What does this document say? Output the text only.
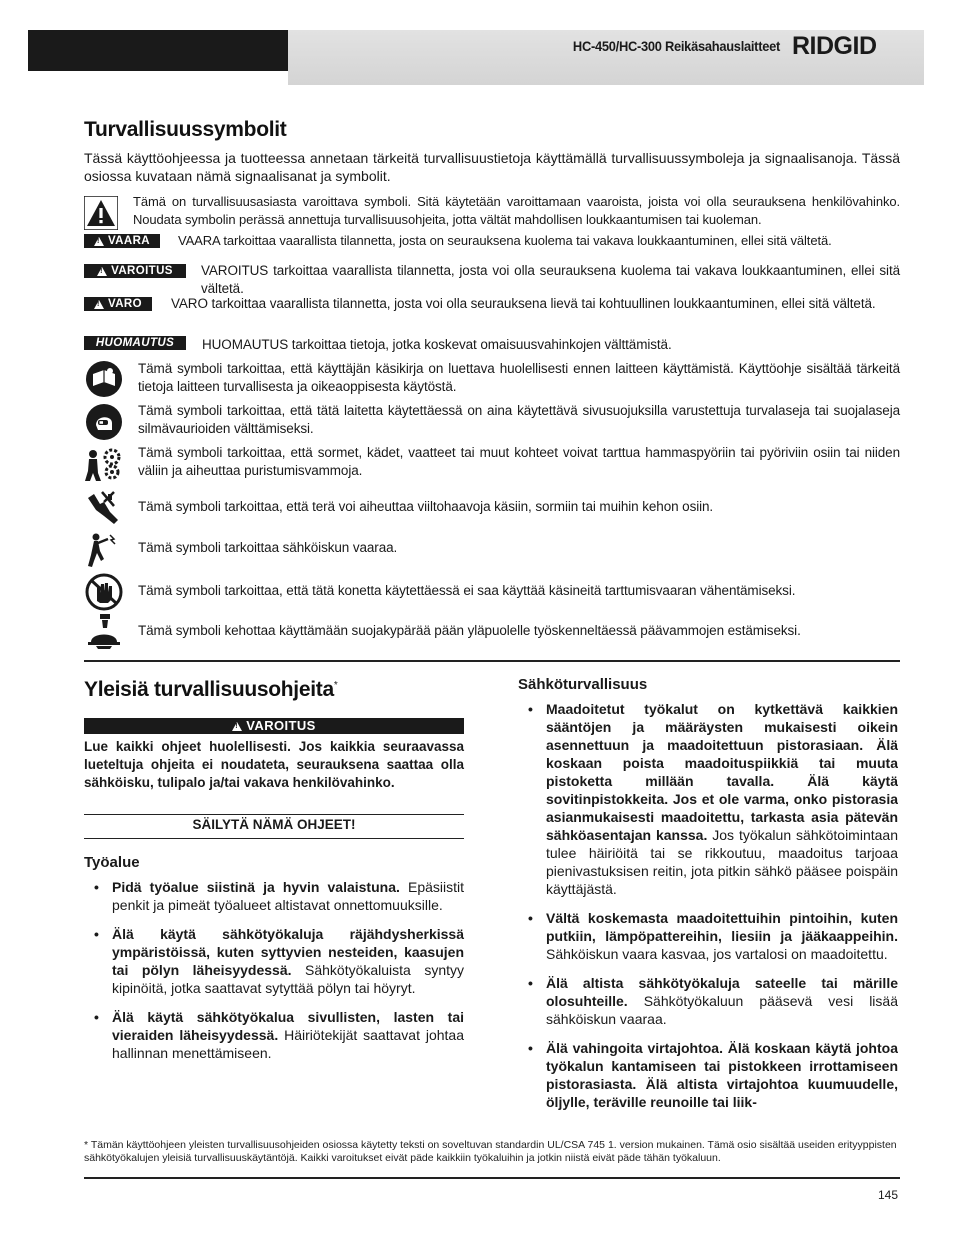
HC-450/HC-300 Reikäsahauslaitteet RIDGID
Turvallisuussymbolit
Tässä käyttöohjeessa ja tuotteessa annetaan tärkeitä turvallisuustietoja käyttämällä turvallisuussymboleja ja signaalisanoja. Tässä osiossa kuvataan nämä signaalisanat ja symbolit.
Tämä on turvallisuusasiasta varoittava symboli. Sitä käytetään varoittamaan vaaroista, joista voi olla seurauksena henkilövahinko. Noudata symbolin perässä annettuja turvallisuusohjeita, jotta vältät mahdollisen loukkaantumisen tai kuoleman.
!
VAARA VAARA tarkoittaa vaarallista tilannetta, josta on seurauksena kuolema tai vakava loukkaantuminen, ellei sitä vältetä.
!
VAROITUS VAROITUS tarkoittaa vaarallista tilannetta, josta voi olla seurauksena kuolema tai vakava loukkaantuminen, ellei sitä vältetä.
!
VARO VARO tarkoittaa vaarallista tilannetta, josta voi olla seurauksena lievä tai kohtuullinen loukkaantuminen, ellei sitä vältetä.
HUOMAUTUS HUOMAUTUS tarkoittaa tietoja, jotka koskevat omaisuusvahinkojen välttämistä.
Tämä symboli tarkoittaa, että käyttäjän käsikirja on luettava huolellisesti ennen laitteen käyttämistä. Käyttöohje sisältää tärkeitä tietoja laitteen turvallisesta ja oikeaoppisesta käytöstä.
Tämä symboli tarkoittaa, että tätä laitetta käytettäessä on aina käytettävä sivusuojuksilla varustettuja turvalaseja tai suojalaseja silmävaurioiden välttämiseksi.
Tämä symboli tarkoittaa, että sormet, kädet, vaatteet tai muut kohteet voivat tarttua hammaspyöriin tai pyöriviin osiin tai niiden väliin ja aiheuttaa puristumisvammoja.
Tämä symboli tarkoittaa, että terä voi aiheuttaa viiltohaavoja käsiin, sormiin tai muihin kehon osiin.
Tämä symboli tarkoittaa sähköiskun vaaraa.
Tämä symboli tarkoittaa, että tätä konetta käytettäessä ei saa käyttää käsineitä tarttumisvaaran vähentämiseksi.
Tämä symboli kehottaa käyttämään suojakypärää pään yläpuolelle työskenneltäessä päävammojen estämiseksi.
Yleisiä turvallisuusohjeita*
!
VAROITUS
Lue kaikki ohjeet huolellisesti. Jos kaikkia seuraavassa lueteltuja ohjeita ei noudateta, seurauksena saattaa olla sähköisku, tulipalo ja/tai vakava henkilövahinko.
SÄILYTÄ NÄMÄ OHJEET!
Työalue
• Pidä työalue siistinä ja hyvin valaistuna. Epäsiistit penkit ja pimeät työalueet altistavat onnettomuuksille.
• Älä käytä sähkötyökaluja räjähdysherkissä ympäristöissä, kuten syttyvien nesteiden, kaasujen tai pölyn läheisyydessä. Sähkötyökaluista syntyy kipinöitä, jotka saattavat sytyttää pölyn tai höyryt.
• Älä käytä sähkötyökalua sivullisten, lasten tai vieraiden läheisyydessä. Häiriötekijät saattavat johtaa hallinnan menettämiseen.
Sähköturvallisuus
• Maadoitetut työkalut on kytkettävä kaikkien sääntöjen ja määräysten mukaisesti oikein asennettuun ja maadoitettuun pistorasiaan. Älä koskaan poista maadoituspiikkiä tai muuta pistoketta millään tavalla. Älä käytä sovitinpistokkeita. Jos et ole varma, onko pistorasia asianmukaisesti maadoitettu, tarkasta asia pätevän sähköasentajan kanssa. Jos työkalun sähkötoimintaan tulee häiriöitä tai se rikkoutuu, maadoitus tarjoaa pienivastuksisen reitin, jota pitkin sähkö pääsee poispäin käyttäjästä.
• Vältä koskemasta maadoitettuihin pintoihin, kuten putkiin, lämpöpattereihin, liesiin ja jääkaappeihin. Sähköiskun vaara kasvaa, jos vartalosi on maadoitettu.
• Älä altista sähkötyökaluja sateelle tai märille olosuhteille. Sähkötyökaluun pääsevä vesi lisää sähköiskun vaaraa.
• Älä vahingoita virtajohtoa. Älä koskaan käytä johtoa työkalun kantamiseen tai pistokkeen irrottamiseen pistorasiasta. Älä altista virtajohtoa kuumuudelle, öljylle, teräville reunoille tai liik-
* Tämän käyttöohjeen yleisten turvallisuusohjeiden osiossa käytetty teksti on soveltuvan standardin UL/CSA 745 1. version mukainen. Tämä osio sisältää useiden erityyppisten sähkötyökalujen yleisiä turvallisuuskäytäntöjä. Kaikki varoitukset eivät päde kaikkiin työkaluihin ja jotkin niistä eivät päde tähän työkaluun.
145
